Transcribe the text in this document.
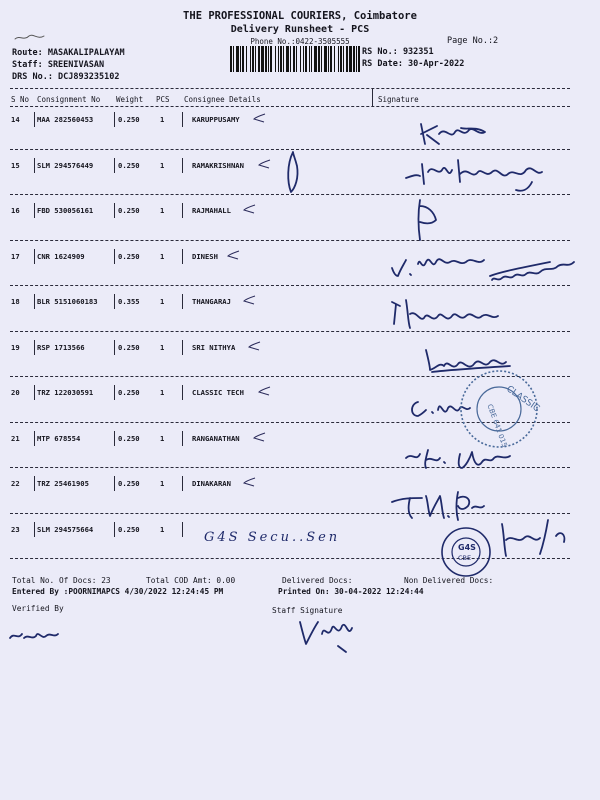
THE PROFESSIONAL COURIERS, Coimbatore
Delivery Runsheet - PCS
Phone No.:0422-3505555	Page No.:2
Route: MASAKALIPALAYAM
Staff: SREENIVASAN
DRS No.: DCJ893235102
RS No.: 932351
RS Date: 30-Apr-2022
S No Consignment No Weight PCS Consignee Details	Signature
14 MAA 282560453	0.250	1	KARUPPUSAMY
15 SLM 294576449	0.250	1	RAMAKRISHNAN
16 FBD 530056161	0.250	1	RAJMAHALL
17 CNR 1624909	0.250	1	DINESH
18 BLR 5151060183	0.355	1	THANGARAJ
19 RSP 1713566	0.250	1	SRI NITHYA
20 TRZ 122030591	0.250	1	CLASSIC TECH
21 MTP 678554	0.250	1	RANGANATHAN
22 TRZ 25461905	0.250	1	DINAKARAN
23 SLM 294575664	0.250	1
G4S Secu..Sen
CLASSIC
CBE 641 015
G4S
CBE
Total No. Of Docs: 23	Total COD Amt: 0.00	Delivered Docs:	Non Delivered Docs:
Entered By :POORNIMAPCS 4/30/2022 12:24:45 PM	Printed On: 30-04-2022 12:24:44
Verified By	Staff Signature
